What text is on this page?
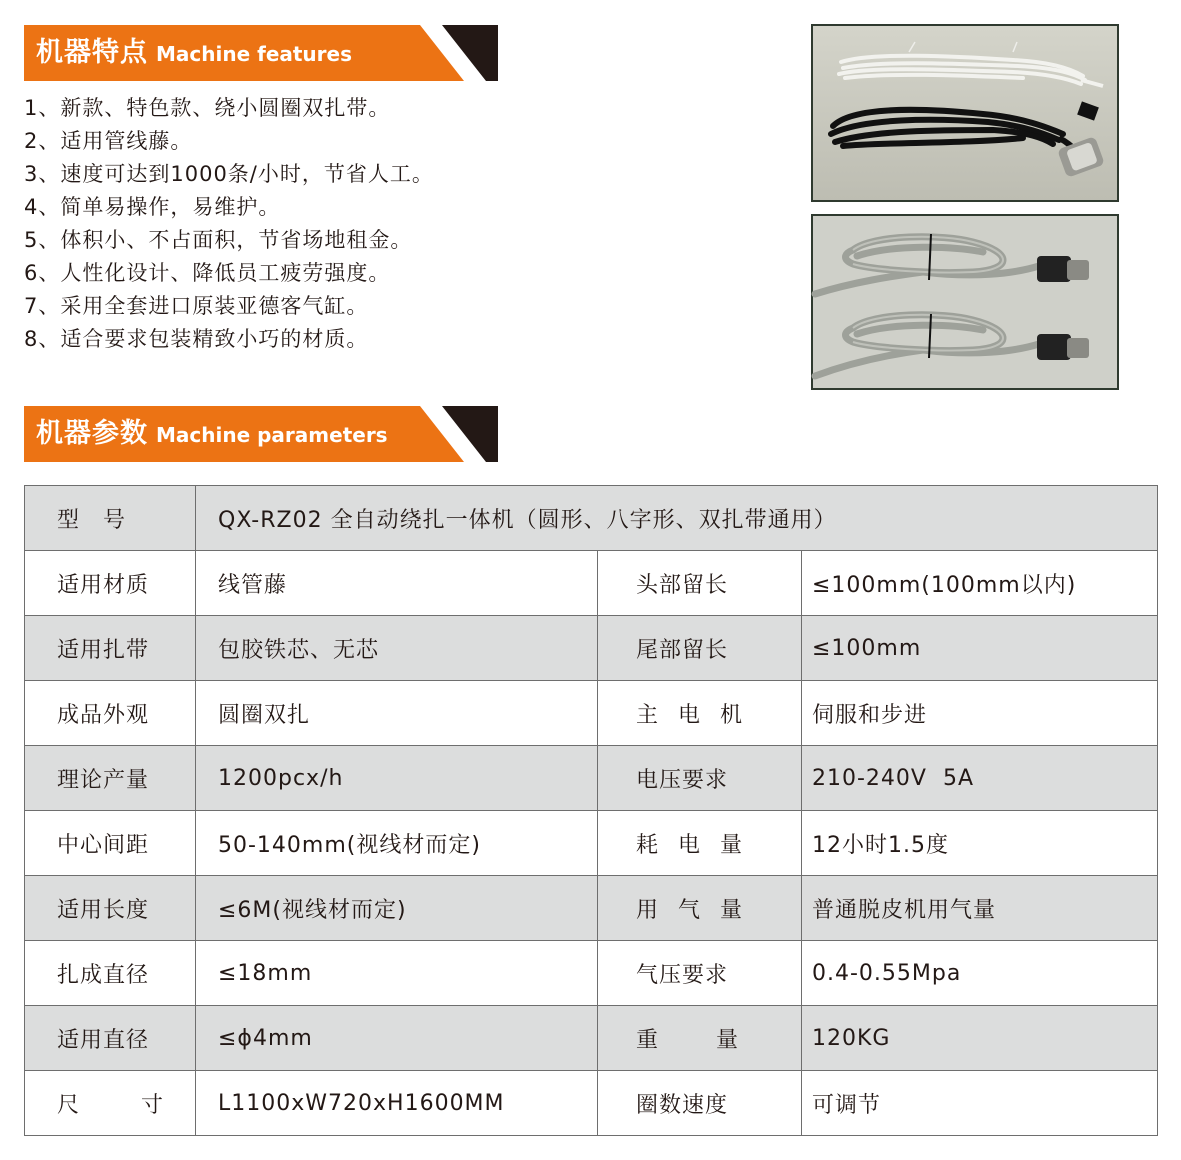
机器特点 Machine features
1、新款、特色款、绕小圆圈双扎带。
2、适用管线藤。
3、速度可达到1000条/小时，节省人工。
4、简单易操作，易维护。
5、体积小、不占面积，节省场地租金。
6、人性化设计、降低员工疲劳强度。
7、采用全套进口原装亚德客气缸。
8、适合要求包装精致小巧的材质。
机器参数 Machine parameters
型　号	QX-RZ02 全自动绕扎一体机（圆形、八字形、双扎带通用）		
适用材质	线管藤	头部留长	≤100mm(100mm以内)
适用扎带	包胶铁芯、无芯	尾部留长	≤100mm
成品外观	圆圈双扎	主电机	伺服和步进
理论产量	1200pcx/h	电压要求	210-240V  5A
中心间距	50-140mm(视线材而定)	耗电量	12小时1.5度
适用长度	≤6M(视线材而定)	用气量	普通脱皮机用气量
扎成直径	≤18mm	气压要求	0.4-0.55Mpa
适用直径	≤ϕ4mm	重量	120KG
尺寸	L1100xW720xH1600MM	圈数速度	可调节
